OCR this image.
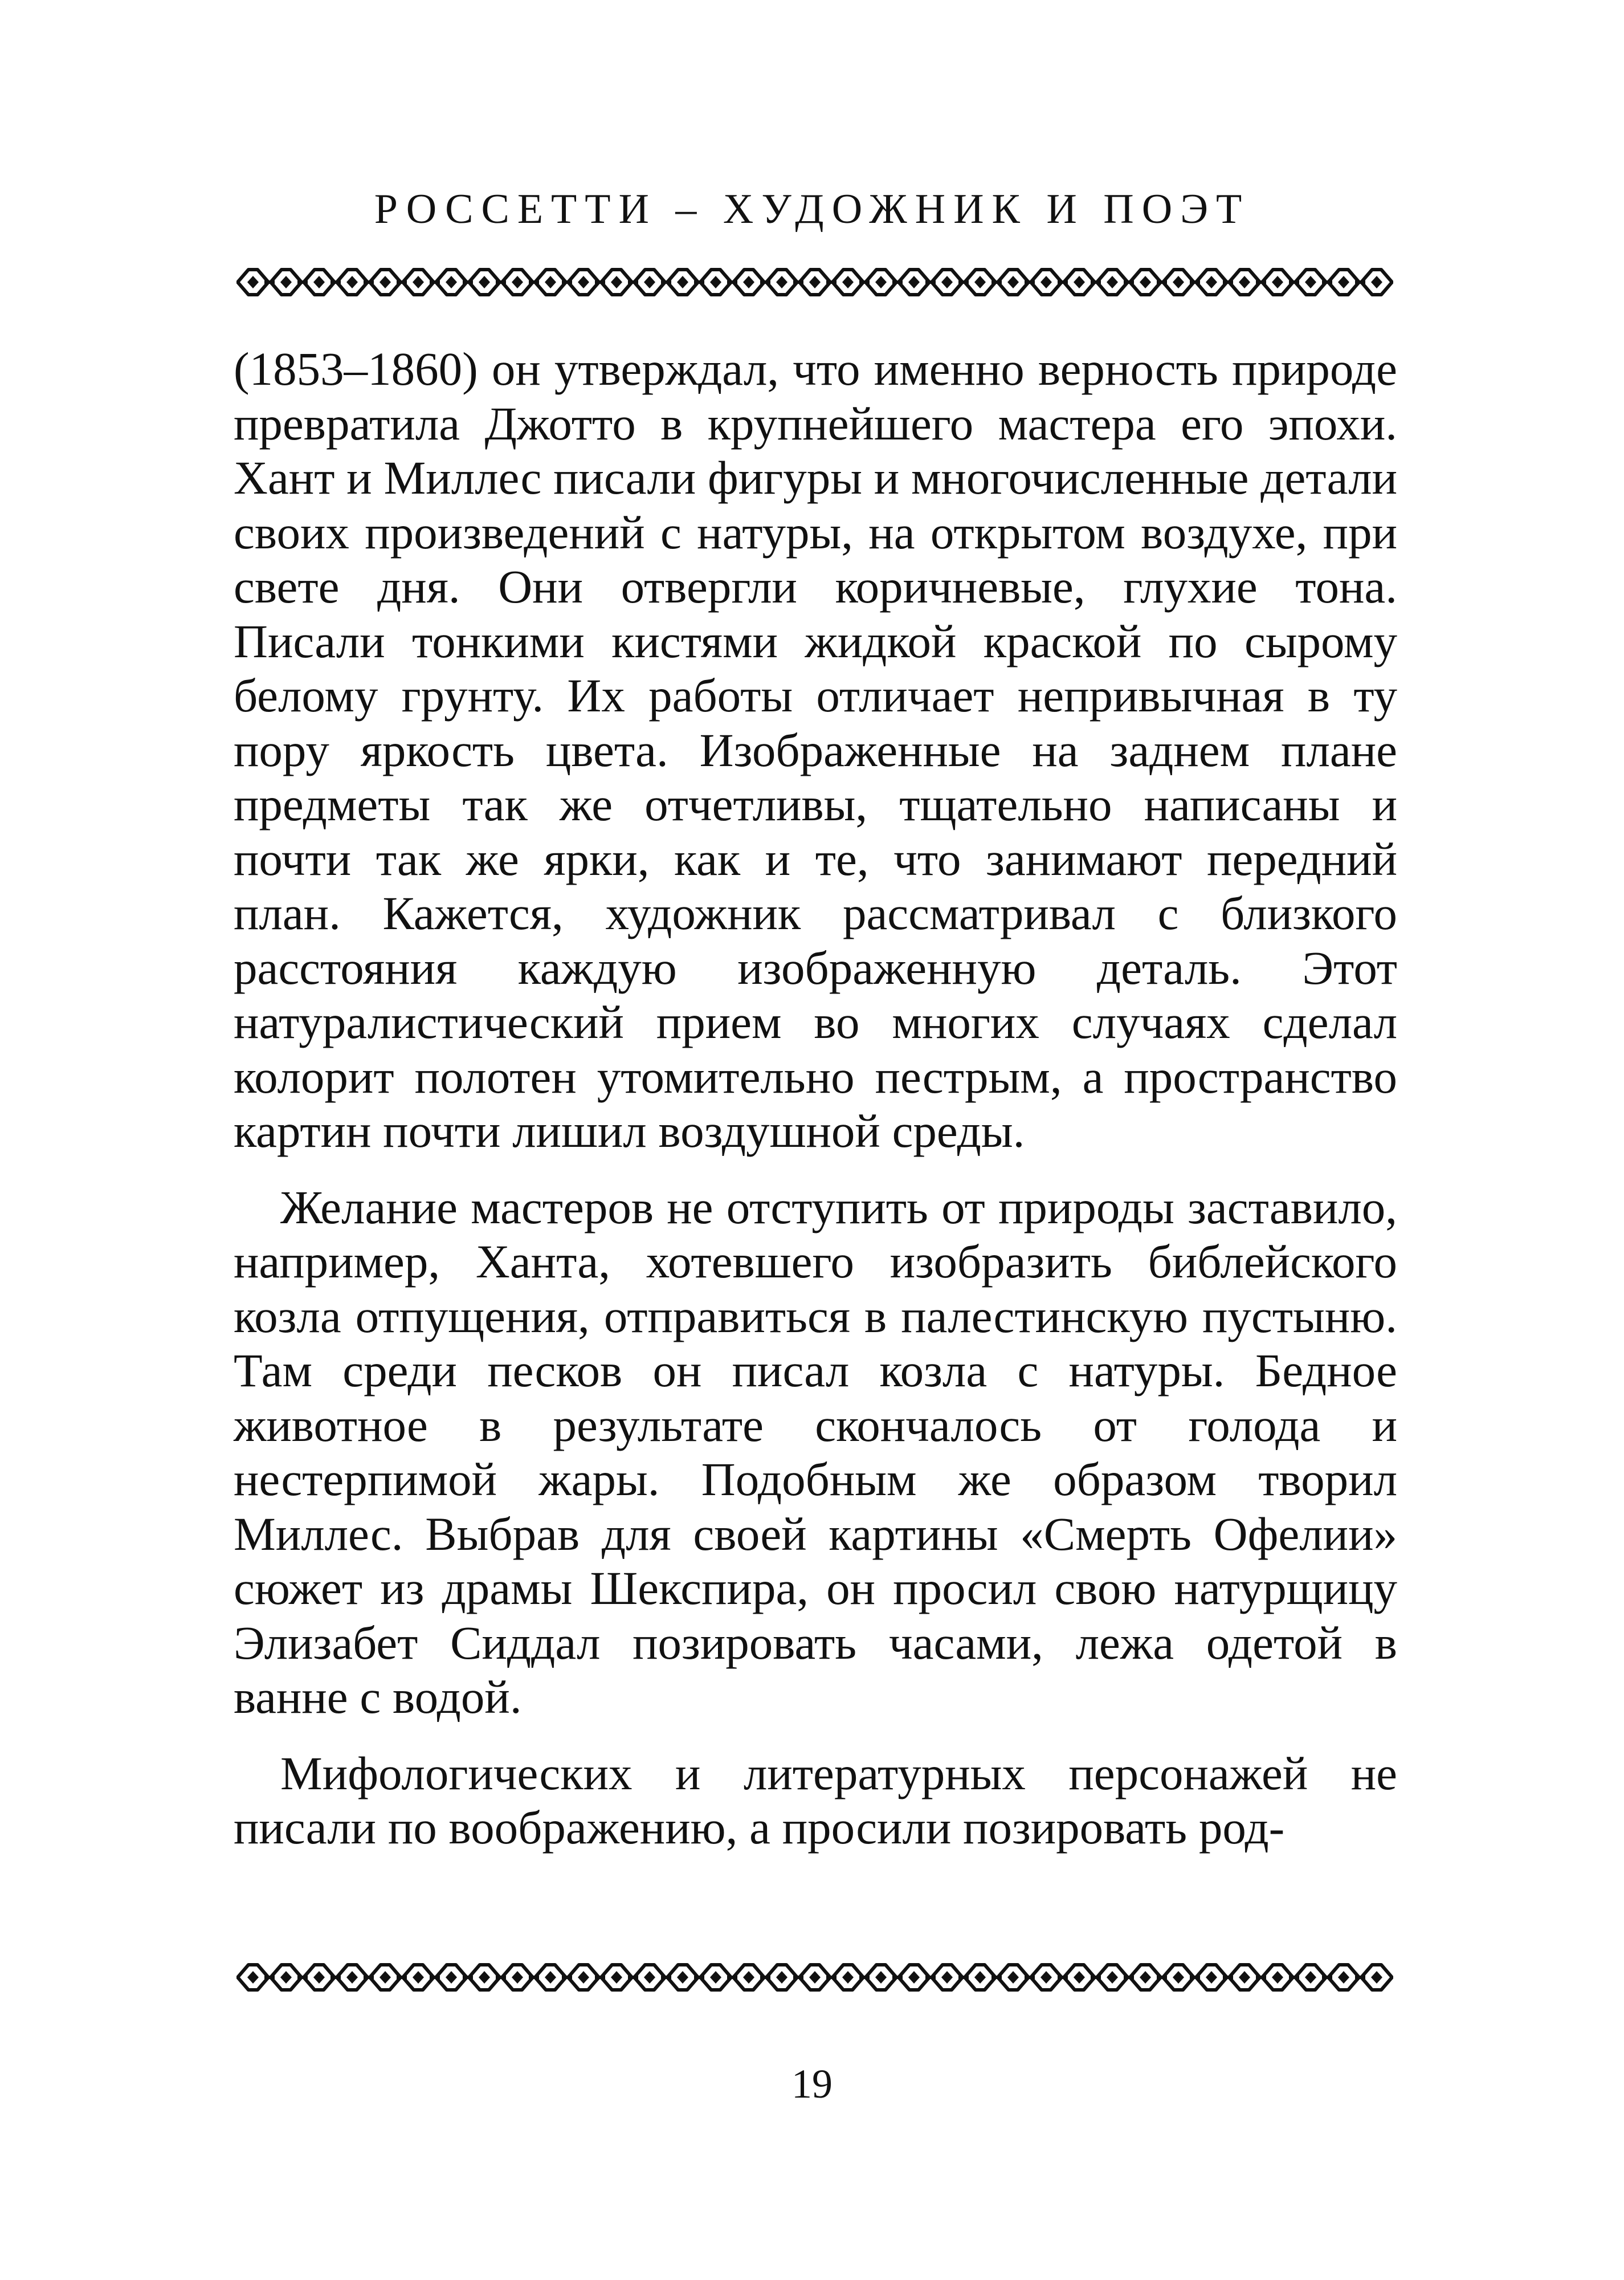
РОССЕТТИ – ХУДОЖНИК И ПОЭТ

(1853–1860) он утверждал, что именно верность природе превратила Джотто в крупнейшего мастера его эпохи. Хант и Миллес писали фигуры и многочисленные детали своих произведений с натуры, на открытом воздухе, при свете дня. Они отвергли коричневые, глухие тона. Писали тонкими кистями жидкой краской по сырому белому грунту. Их работы отличает непривычная в ту пору яркость цвета. Изображенные на заднем плане предметы так же отчетливы, тщательно написаны и почти так же ярки, как и те, что занимают передний план. Кажется, художник рассматривал с близкого расстояния каждую изображенную деталь. Этот натуралистический прием во многих случаях сделал колорит полотен утомительно пестрым, а пространство картин почти лишил воздушной среды.

Желание мастеров не отступить от природы заставило, например, Ханта, хотевшего изобразить библейского козла отпущения, отправиться в палестинскую пустыню. Там среди песков он писал козла с натуры. Бедное животное в результате скончалось от голода и нестерпимой жары. Подобным же образом творил Миллес. Выбрав для своей картины «Смерть Офелии» сюжет из драмы Шекспира, он просил свою натурщицу Элизабет Сиддал позировать часами, лежа одетой в ванне с водой.

Мифологических и литературных персонажей не писали по воображению, а просили позировать род-

19
